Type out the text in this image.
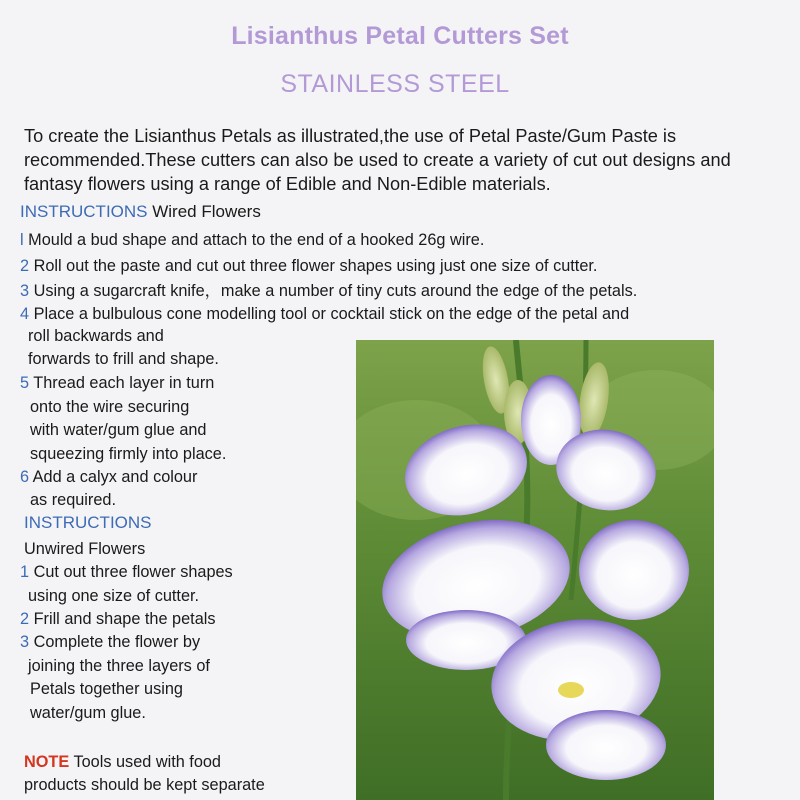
Lisianthus Petal Cutters Set
STAINLESS STEEL

To create the Lisianthus Petals as illustrated,the use of Petal Paste/Gum Paste is recommended.These cutters can also be used to create a variety of cut out designs and fantasy flowers using a range of Edible and Non-Edible materials.

INSTRUCTIONS Wired Flowers
l Mould a bud shape and attach to the end of a hooked 26g wire.
2 Roll out the paste and cut out three flower shapes using just one size of cutter.
3 Using a sugarcraft knife，make a number of tiny cuts around the edge of the petals.
4 Place a bulbulous cone modelling tool or cocktail stick on the edge of the petal and
roll backwards and
forwards to frill and shape.
5 Thread each layer in turn
onto the wire securing
with water/gum glue and
squeezing firmly into place.
6 Add a calyx and colour
as required.
INSTRUCTIONS
Unwired Flowers
1 Cut out three flower shapes
using one size of cutter.
2 Frill and shape the petals
3 Complete the flower by
joining the three layers of
Petals together using
water/gum glue.
NOTE Tools used with food
products should be kept separate
